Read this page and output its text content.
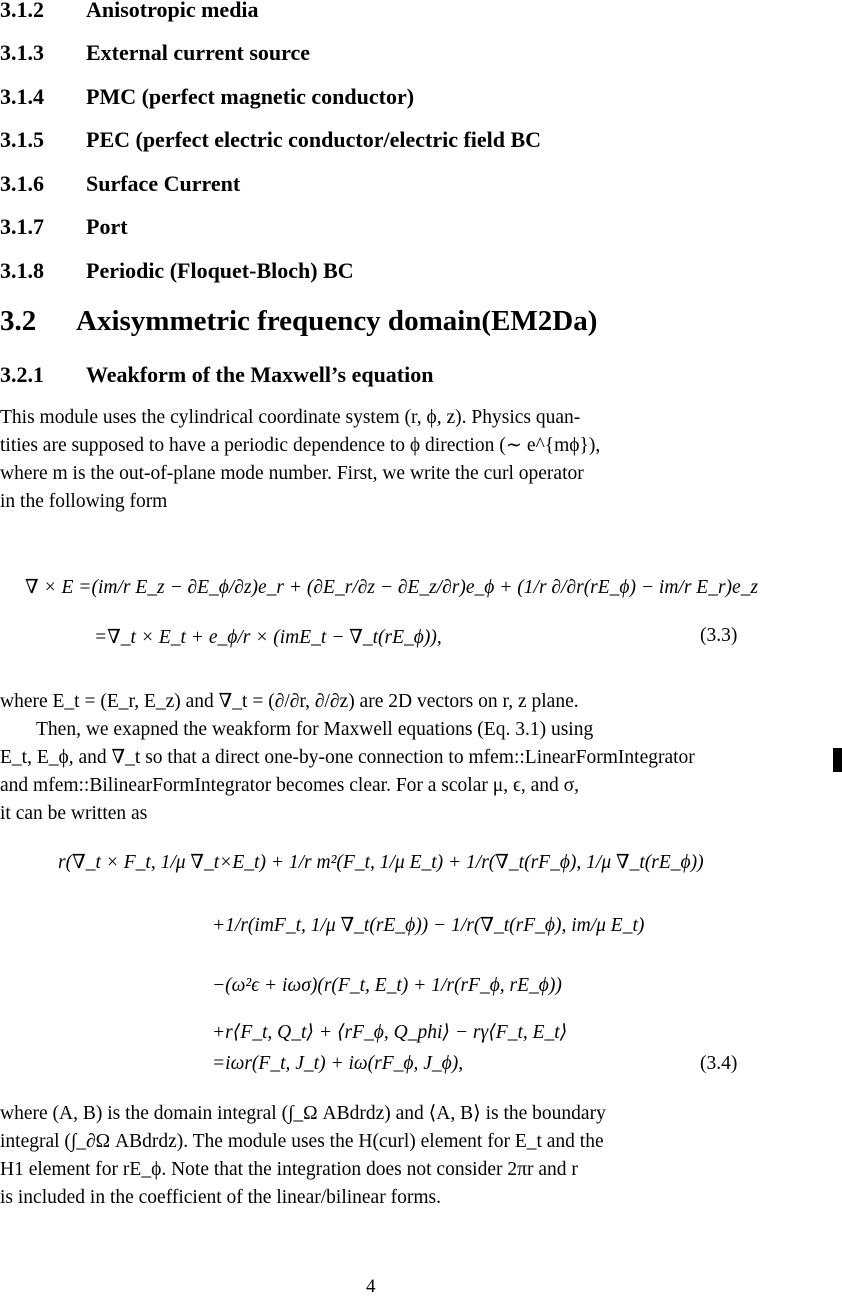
3.1.2 Anisotropic media
3.1.3 External current source
3.1.4 PMC (perfect magnetic conductor)
3.1.5 PEC (perfect electric conductor/electric field BC
3.1.6 Surface Current
3.1.7 Port
3.1.8 Periodic (Floquet-Bloch) BC
3.2 Axisymmetric frequency domain(EM2Da)
3.2.1 Weakform of the Maxwell’s equation

This module uses the cylindrical coordinate system (r, ϕ, z). Physics quan-

tities are supposed to have a periodic dependence to ϕ direction (∼ e^{mϕ}),

where m is the out-of-plane mode number. First, we write the curl operator

in the following form

∇ × E =(im/r E_z − ∂E_ϕ/∂z)e_r + (∂E_r/∂z − ∂E_z/∂r)e_ϕ + (1/r ∂/∂r(rE_ϕ) − im/r E_r)e_z
=∇_t × E_t + e_ϕ/r × (imE_t − ∇_t(rE_ϕ)),	(3.3)

where E_t = (E_r, E_z) and ∇_t = (∂/∂r, ∂/∂z) are 2D vectors on r, z plane.

Then, we exapned the weakform for Maxwell equations (Eq. 3.1) using

E_t, E_ϕ, and ∇_t so that a direct one-by-one connection to mfem::LinearFormIntegrator

and mfem::BilinearFormIntegrator becomes clear. For a scolar μ, ϵ, and σ,

it can be written as

r(∇_t × F_t, 1/μ ∇_t×E_t) + 1/r m²(F_t, 1/μ E_t) + 1/r(∇_t(rF_ϕ), 1/μ ∇_t(rE_ϕ))
+1/r(imF_t, 1/μ ∇_t(rE_ϕ)) − 1/r(∇_t(rF_ϕ), im/μ E_t)
−(ω²ϵ + iωσ)(r(F_t, E_t) + 1/r(rF_ϕ, rE_ϕ))
+r⟨F_t, Q_t⟩ + ⟨rF_ϕ, Q_phi⟩ − rγ⟨F_t, E_t⟩
=iωr(F_t, J_t) + iω(rF_ϕ, J_ϕ),	(3.4)

where (A, B) is the domain integral (∫_Ω ABdrdz) and ⟨A, B⟩ is the boundary

integral (∫_∂Ω ABdrdz). The module uses the H(curl) element for E_t and the

H1 element for rE_ϕ. Note that the integration does not consider 2πr and r

is included in the coefficient of the linear/bilinear forms.

4
